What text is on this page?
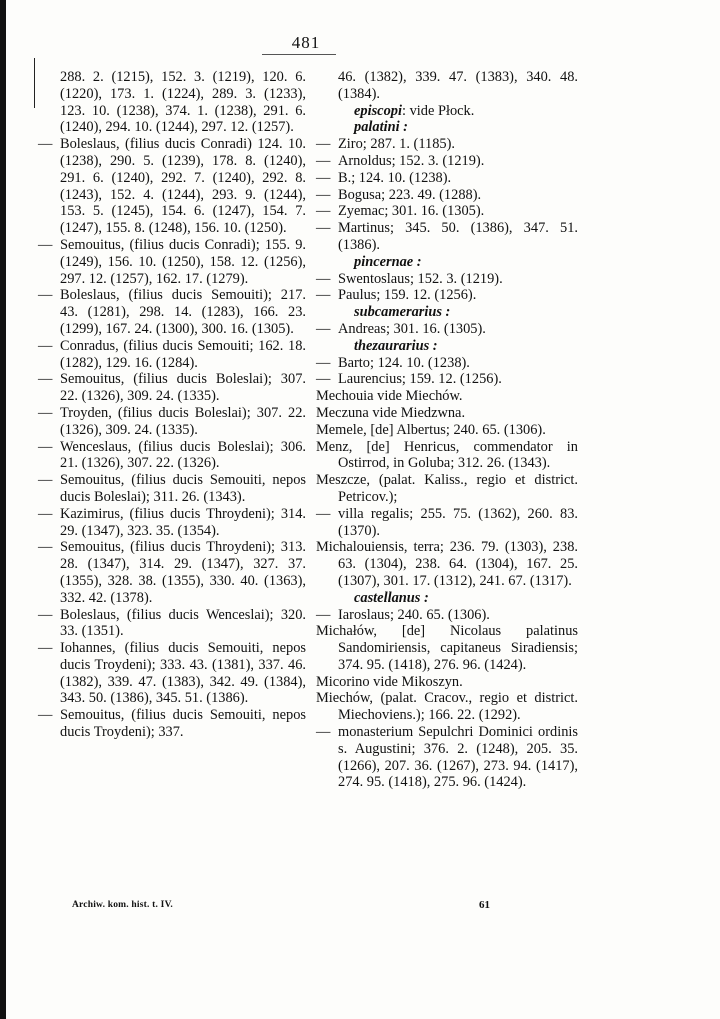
481
288. 2. (1215), 152. 3. (1219), 120. 6. (1220), 173. 1. (1224), 289. 3. (1233), 123. 10. (1238), 374. 1. (1238), 291. 6. (1240), 294. 10. (1244), 297. 12. (1257).
— Boleslaus, (filius ducis Conradi) 124. 10. (1238), 290. 5. (1239), 178. 8. (1240), 291. 6. (1240), 292. 7. (1240), 292. 8. (1243), 152. 4. (1244), 293. 9. (1244), 153. 5. (1245), 154. 6. (1247), 154. 7. (1247), 155. 8. (1248), 156. 10. (1250).
— Semouitus, (filius ducis Conradi); 155. 9. (1249), 156. 10. (1250), 158. 12. (1256), 297. 12. (1257), 162. 17. (1279).
— Boleslaus, (filius ducis Semouiti); 217. 43. (1281), 298. 14. (1283), 166. 23. (1299), 167. 24. (1300), 300. 16. (1305).
— Conradus, (filius ducis Semouiti; 162. 18. (1282), 129. 16. (1284).
— Semouitus, (filius ducis Boleslai); 307. 22. (1326), 309. 24. (1335).
— Troyden, (filius ducis Boleslai); 307. 22. (1326), 309. 24. (1335).
— Wenceslaus, (filius ducis Boleslai); 306. 21. (1326), 307. 22. (1326).
— Semouitus, (filius ducis Semouiti, nepos ducis Boleslai); 311. 26. (1343).
— Kazimirus, (filius ducis Throydeni); 314. 29. (1347), 323. 35. (1354).
— Semouitus, (filius ducis Throydeni); 313. 28. (1347), 314. 29. (1347), 327. 37. (1355), 328. 38. (1355), 330. 40. (1363), 332. 42. (1378).
— Boleslaus, (filius ducis Wenceslai); 320. 33. (1351).
— Iohannes, (filius ducis Semouiti, nepos ducis Troydeni); 333. 43. (1381), 337. 46. (1382), 339. 47. (1383), 342. 49. (1384), 343. 50. (1386), 345. 51. (1386).
— Semouitus, (filius ducis Semouiti, nepos ducis Troydeni); 337.
46. (1382), 339. 47. (1383), 340. 48. (1384).
episcopi: vide Płock.
palatini :
— Ziro; 287. 1. (1185).
— Arnoldus; 152. 3. (1219).
— B.; 124. 10. (1238).
— Bogusa; 223. 49. (1288).
— Zyemac; 301. 16. (1305).
— Martinus; 345. 50. (1386), 347. 51. (1386).
pincernae :
— Swentoslaus; 152. 3. (1219).
— Paulus; 159. 12. (1256).
subcamerarius :
— Andreas; 301. 16. (1305).
thezaurarius :
— Barto; 124. 10. (1238).
— Laurencius; 159. 12. (1256).
Mechouia vide Miechów.
Meczuna vide Miedzwna.
Memele, [de] Albertus; 240. 65. (1306).
Menz, [de] Henricus, commendator in Ostirrod, in Goluba; 312. 26. (1343).
Meszcze, (palat. Kaliss., regio et district. Petricov.);
— villa regalis; 255. 75. (1362), 260. 83. (1370).
Michalouiensis, terra; 236. 79. (1303), 238. 63. (1304), 238. 64. (1304), 167. 25. (1307), 301. 17. (1312), 241. 67. (1317).
castellanus :
— Iaroslaus; 240. 65. (1306).
Michałów, [de] Nicolaus palatinus Sandomiriensis, capitaneus Siradiensis; 374. 95. (1418), 276. 96. (1424).
Micorino vide Mikoszyn.
Miechów, (palat. Cracov., regio et district. Miechoviens.); 166. 22. (1292).
— monasterium Sepulchri Dominici ordinis s. Augustini; 376. 2. (1248), 205. 35. (1266), 207. 36. (1267), 273. 94. (1417), 274. 95. (1418), 275. 96. (1424).
Archiw. kom. hist. t. IV.	61
